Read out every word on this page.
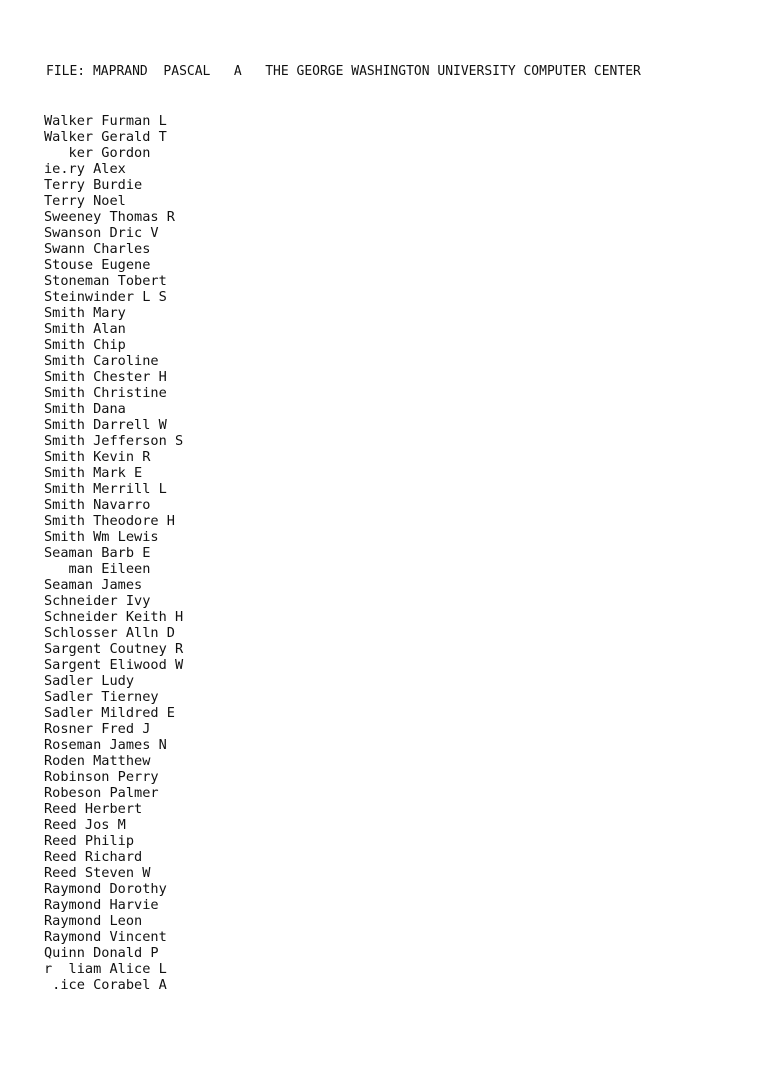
FILE: MAPRAND PASCAL A THE GEORGE WASHINGTON UNIVERSITY COMPUTER CENTER
Walker Furman L
Walker Gerald T
ker Gordon
ie.ry Alex
Terry Burdie
Terry Noel
Sweeney Thomas R
Swanson Dric V
Swann Charles
Stouse Eugene
Stoneman Tobert
Steinwinder L S
Smith Mary
Smith Alan
Smith Chip
Smith Caroline
Smith Chester H
Smith Christine
Smith Dana
Smith Darrell W
Smith Jefferson S
Smith Kevin R
Smith Mark E
Smith Merrill L
Smith Navarro
Smith Theodore H
Smith Wm Lewis
Seaman Barb E
man Eileen
Seaman James
Schneider Ivy
Schneider Keith H
Schlosser Alln D
Sargent Coutney R
Sargent Eliwood W
Sadler Ludy
Sadler Tierney
Sadler Mildred E
Rosner Fred J
Roseman James N
Roden Matthew
Robinson Perry
Robeson Palmer
Reed Herbert
Reed Jos M
Reed Philip
Reed Richard
Reed Steven W
Raymond Dorothy
Raymond Harvie
Raymond Leon
Raymond Vincent
Quinn Donald P
r  liam Alice L
.ice Corabel A
